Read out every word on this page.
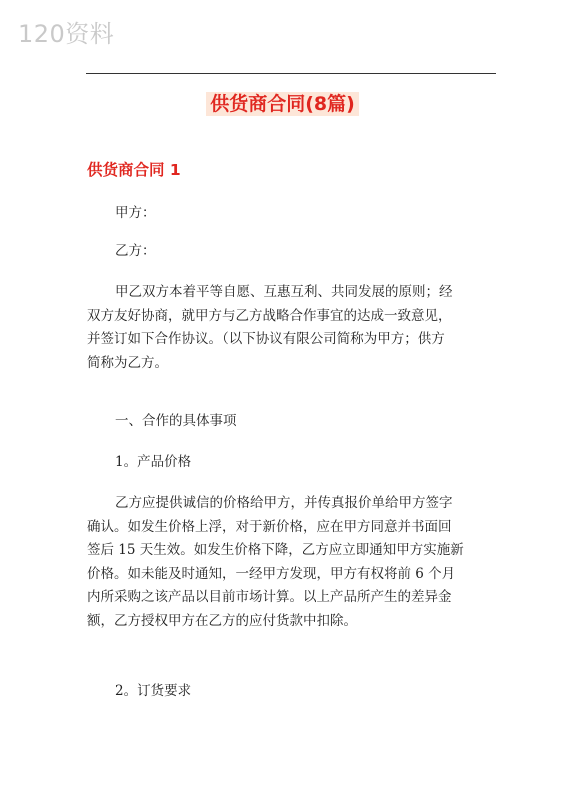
120资料
供货商合同(8篇)
供货商合同 1

甲方：

乙方：

甲乙双方本着平等自愿、互惠互利、共同发展的原则；经
双方友好协商，就甲方与乙方战略合作事宜的达成一致意见，
并签订如下合作协议。（以下协议有限公司简称为甲方；供方
简称为乙方。

一、合作的具体事项

1。产品价格

乙方应提供诚信的价格给甲方，并传真报价单给甲方签字
确认。如发生价格上浮，对于新价格，应在甲方同意并书面回
签后 15 天生效。如发生价格下降，乙方应立即通知甲方实施新
价格。如未能及时通知，一经甲方发现，甲方有权将前 6 个月
内所采购之该产品以目前市场计算。以上产品所产生的差异金
额，乙方授权甲方在乙方的应付货款中扣除。

2。订货要求
